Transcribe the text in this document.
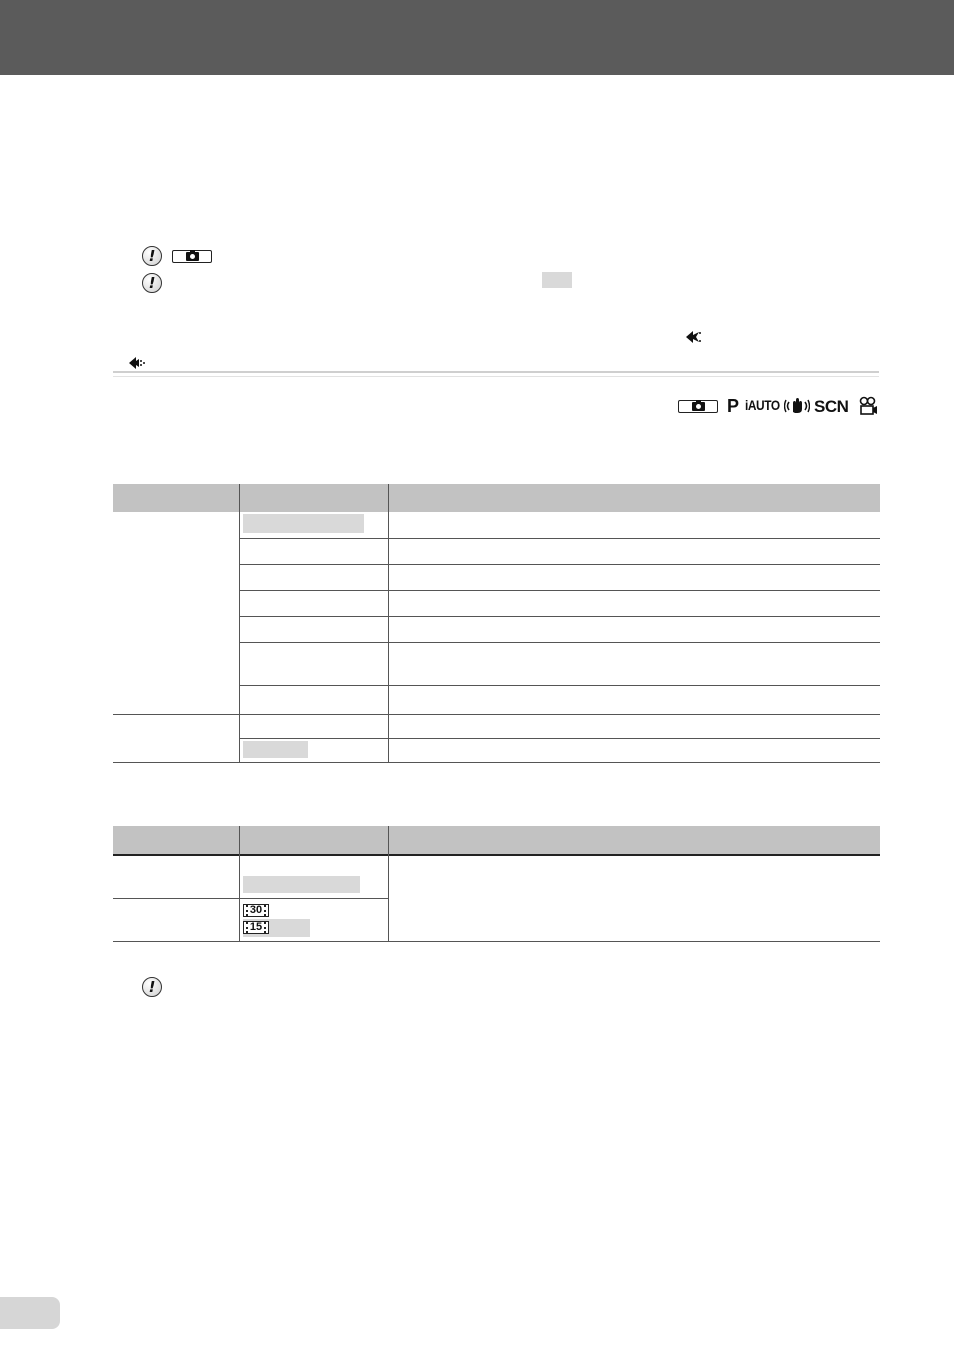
!
!
P iAUTO SCN
30
15
!
